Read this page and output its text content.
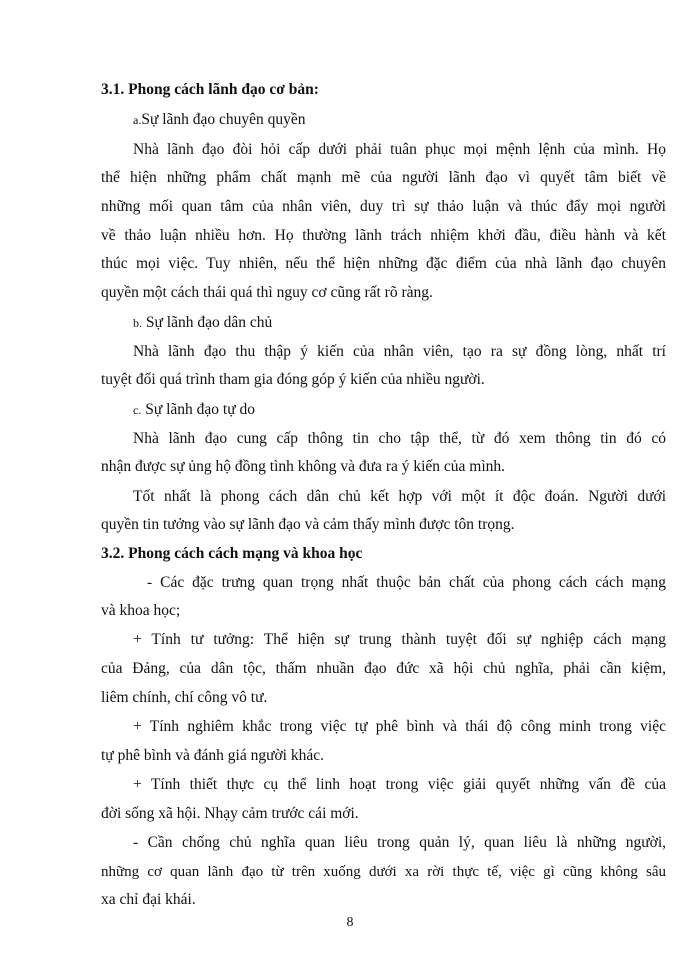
3.1. Phong cách lãnh đạo cơ bản:
a.Sự lãnh đạo chuyên quyền
Nhà lãnh đạo đòi hỏi cấp dưới phải tuân phục mọi mệnh lệnh của mình. Họ
thể hiện những phẩm chất mạnh mẽ của người lãnh đạo vì quyết tâm biết về
những mối quan tâm của nhân viên, duy trì sự thảo luận và thúc đẩy mọi người
về thảo luận nhiều hơn. Họ thường lãnh trách nhiệm khởi đầu, điều hành và kết
thúc mọi việc. Tuy nhiên, nếu thể hiện những đặc điểm của nhà lãnh đạo chuyên
quyền một cách thái quá thì nguy cơ cũng rất rõ ràng.
b. Sự lãnh đạo dân chủ
Nhà lãnh đạo thu thập ý kiến của nhân viên, tạo ra sự đồng lòng, nhất trí
tuyệt đối quá trình tham gia đóng góp ý kiến của nhiều người.
c. Sự lãnh đạo tự do
Nhà lãnh đạo cung cấp thông tin cho tập thể, từ đó xem thông tin đó có
nhận được sự ủng hộ đồng tình không và đưa ra ý kiến của mình.
Tốt nhất là phong cách dân chủ kết hợp với một ít độc đoán. Người dưới
quyền tin tưởng vào sự lãnh đạo và cảm thấy mình được tôn trọng.
3.2. Phong cách cách mạng và khoa học
- Các đặc trưng quan trọng nhất thuộc bản chất của phong cách cách mạng
và khoa học;
+ Tính tư tưởng: Thể hiện sự trung thành tuyệt đối sự nghiệp cách mạng
của Đảng, của dân tộc, thấm nhuần đạo đức xã hội chủ nghĩa, phải cần kiệm,
liêm chính, chí công vô tư.
+ Tính nghiêm khắc trong việc tự phê bình và thái độ công minh trong việc
tự phê bình và đánh giá người khác.
+ Tính thiết thực cụ thể linh hoạt trong việc giải quyết những vấn đề của
đời sống xã hội. Nhạy cảm trước cái mới.
- Cần chống chủ nghĩa quan liêu trong quản lý, quan liêu là những người,
những cơ quan lãnh đạo từ trên xuống dưới xa rời thực tế, việc gì cũng không sâu
xa chỉ đại khái.
8
